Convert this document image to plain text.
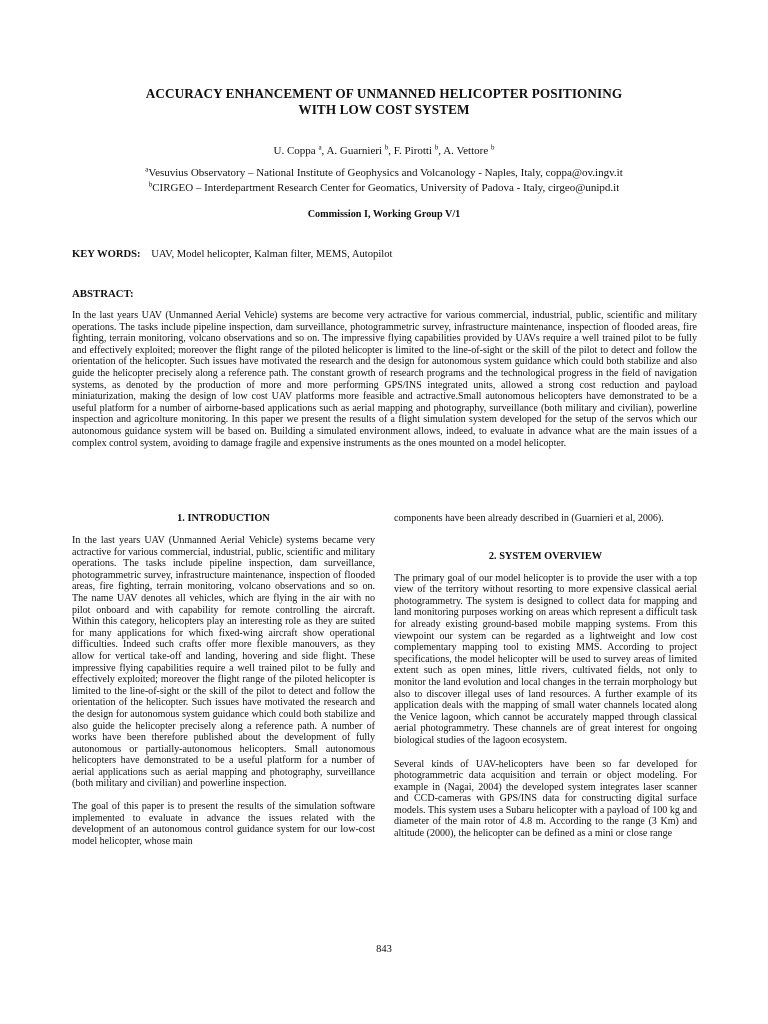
ACCURACY ENHANCEMENT OF UNMANNED HELICOPTER POSITIONING
WITH LOW COST SYSTEM
U. Coppa $^a$, A. Guarnieri $^b$, F. Pirotti $^b$, A. Vettore $^b$
$^a$Vesuvius Observatory – National Institute of Geophysics and Volcanology - Naples, Italy, coppa@ov.ingv.it
$^b$CIRGEO – Interdepartment Research Center for Geomatics, University of Padova - Italy, cirgeo@unipd.it
Commission I, Working Group V/1
KEY WORDS: UAV, Model helicopter, Kalman filter, MEMS, Autopilot
ABSTRACT:
In the last years UAV (Unmanned Aerial Vehicle) systems are become very actractive for various commercial, industrial, public, scientific and military operations. The tasks include pipeline inspection, dam surveillance, photogrammetric survey, infrastructure maintenance, inspection of flooded areas, fire fighting, terrain monitoring, volcano observations and so on. The impressive flying capabilities provided by UAVs require a well trained pilot to be fully and effectively exploited; moreover the flight range of the piloted helicopter is limited to the line-of-sight or the skill of the pilot to detect and follow the orientation of the helicopter. Such issues have motivated the research and the design for autonomous system guidance which could both stabilize and also guide the helicopter precisely along a reference path. The constant growth of research programs and the technological progress in the field of navigation systems, as denoted by the production of more and more performing GPS/INS integrated units, allowed a strong cost reduction and payload miniaturization, making the design of low cost UAV platforms more feasible and actractive.Small autonomous helicopters have demonstrated to be a useful platform for a number of airborne-based applications such as aerial mapping and photography, surveillance (both military and civilian), powerline inspection and agricolture monitoring. In this paper we present the results of a flight simulation system developed for the setup of the servos which our autonomous guidance system will be based on. Building a simulated environment allows, indeed, to evaluate in advance what are the main issues of a complex control system, avoiding to damage fragile and expensive instruments as the ones mounted on a model helicopter.

1. INTRODUCTION

In the last years UAV (Unmanned Aerial Vehicle) systems became very actractive for various commercial, industrial, public, scientific and military operations. The tasks include pipeline inspection, dam surveillance, photogrammetric survey, infrastructure maintenance, inspection of flooded areas, fire fighting, terrain monitoring, volcano observations and so on. The name UAV denotes all vehicles, which are flying in the air with no pilot onboard and with capability for remote controlling the aircraft. Within this category, helicopters play an interesting role as they are suited for many applications for which fixed-wing aircraft show operational difficulties. Indeed such crafts offer more flexible manouvers, as they allow for vertical take-off and landing, hovering and side flight. These impressive flying capabilities require a well trained pilot to be fully and effectively exploited; moreover the flight range of the piloted helicopter is limited to the line-of-sight or the skill of the pilot to detect and follow the orientation of the helicopter. Such issues have motivated the research and the design for autonomous system guidance which could both stabilize and also guide the helicopter precisely along a reference path. A number of works have been therefore published about the development of fully autonomous or partially-autonomous helicopters. Small autonomous helicopters have demonstrated to be a useful platform for a number of aerial applications such as aerial mapping and photography, surveillance (both military and civilian) and powerline inspection.

The goal of this paper is to present the results of the simulation software implemented to evaluate in advance the issues related with the development of an autonomous control guidance system for our low-cost model helicopter, whose main

components have been already described in (Guarnieri et al, 2006).

2. SYSTEM OVERVIEW

The primary goal of our model helicopter is to provide the user with a top view of the territory without resorting to more expensive classical aerial photogrammetry. The system is designed to collect data for mapping and land monitoring purposes working on areas which represent a difficult task for already existing ground-based mobile mapping systems. From this viewpoint our system can be regarded as a lightweight and low cost complementary mapping tool to existing MMS. According to project specifications, the model helicopter will be used to survey areas of limited extent such as open mines, little rivers, cultivated fields, not only to monitor the land evolution and local changes in the terrain morphology but also to discover illegal uses of land resources. A further example of its application deals with the mapping of small water channels located along the Venice lagoon, which cannot be accurately mapped through classical aerial photogrammetry. These channels are of great interest for ongoing biological studies of the lagoon ecosystem.

Several kinds of UAV-helicopters have been so far developed for photogrammetric data acquisition and terrain or object modeling. For example in (Nagai, 2004) the developed system integrates laser scanner and CCD-cameras with GPS/INS data for constructing digital surface models. This system uses a Subaru helicopter with a payload of 100 kg and diameter of the main rotor of 4.8 m. According to the range (3 Km) and altitude (2000), the helicopter can be defined as a mini or close range

843
